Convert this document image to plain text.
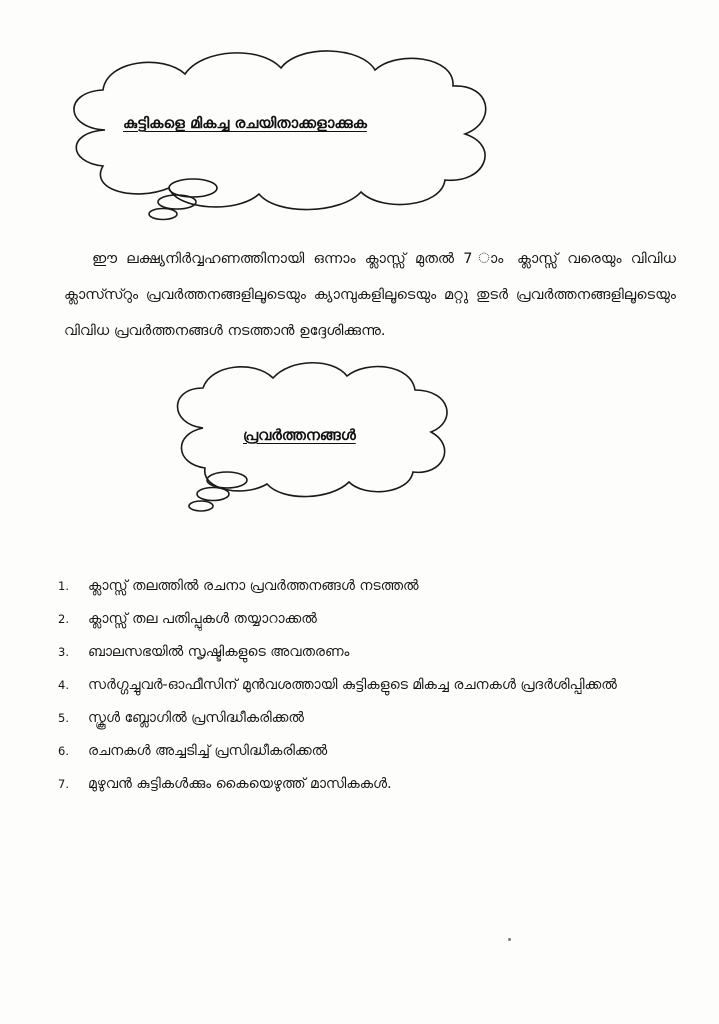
കുട്ടികളെ മികച്ച രചയിതാക്കളാക്കുക
ഈ ലക്ഷ്യനിർവ്വഹണത്തിനായി ഒന്നാം ക്ലാസ്സ് മുതൽ 7 ാം ക്ലാസ്സ് വരെയും വിവിധ ക്ലാസ്സ്റും പ്രവർത്തനങ്ങളിലൂടെയും ക്യാമ്പുകളിലൂടെയും മറ്റു തുടർ പ്രവർത്തനങ്ങളിലൂടെയും വിവിധ പ്രവർത്തനങ്ങൾ നടത്താൻ ഉദ്ദേശിക്കുന്നു.
പ്രവർത്തനങ്ങൾ
1.	ക്ലാസ്സ് തലത്തിൽ രചനാ പ്രവർത്തനങ്ങൾ നടത്തൽ
2.	ക്ലാസ്സ് തല പതിപ്പുകൾ തയ്യാറാക്കൽ
3.	ബാലസഭയിൽ സൃഷ്ടികളുടെ അവതരണം
4.	സർഗ്ഗച്ചുവർ-ഓഫീസിന് മുൻവശത്തായി കുട്ടികളുടെ മികച്ച രചനകൾ പ്രദർശിപ്പിക്കൽ
5.	സ്കൂൾ ബ്ലോഗിൽ പ്രസിദ്ധീകരിക്കൽ
6.	രചനകൾ അച്ചടിച്ച് പ്രസിദ്ധീകരിക്കൽ
7.	മുഴുവൻ കുട്ടികൾക്കും കൈയെഴുത്ത് മാസികകൾ.
